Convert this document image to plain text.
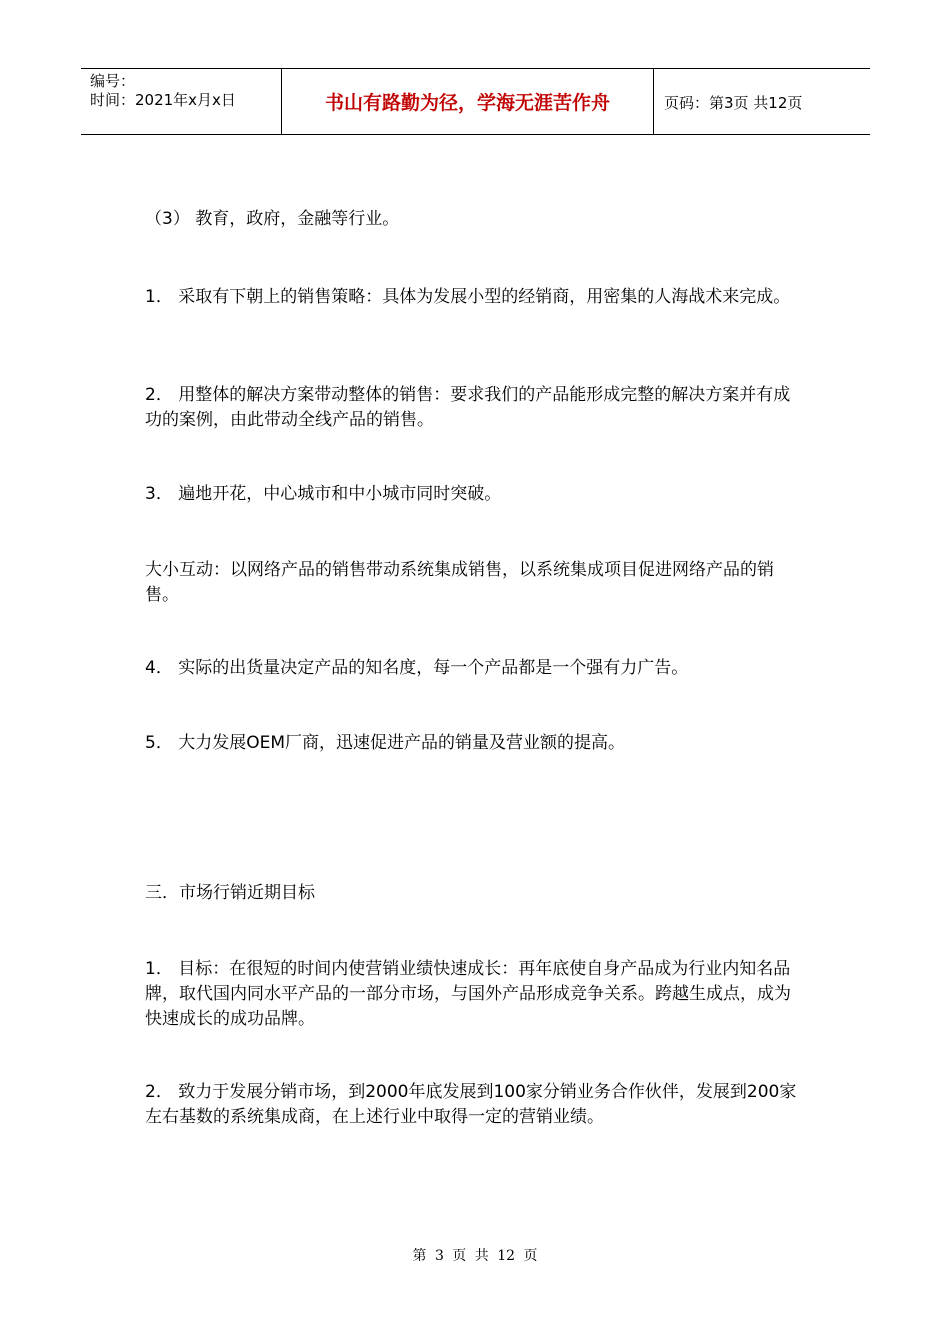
编号：
时间：2021年x月x日	书山有路勤为径，学海无涯苦作舟	页码：第3页 共12页

（3） 教育，政府，金融等行业。

1． 采取有下朝上的销售策略：具体为发展小型的经销商，用密集的人海战术来完成。

2． 用整体的解决方案带动整体的销售：要求我们的产品能形成完整的解决方案并有成功的案例，由此带动全线产品的销售。

3． 遍地开花，中心城市和中小城市同时突破。

大小互动：以网络产品的销售带动系统集成销售，以系统集成项目促进网络产品的销售。

4． 实际的出货量决定产品的知名度，每一个产品都是一个强有力广告。

5． 大力发展OEM厂商，迅速促进产品的销量及营业额的提高。

三．市场行销近期目标

1． 目标：在很短的时间内使营销业绩快速成长：再年底使自身产品成为行业内知名品牌，取代国内同水平产品的一部分市场，与国外产品形成竞争关系。跨越生成点，成为快速成长的成功品牌。

2． 致力于发展分销市场，到2000年底发展到100家分销业务合作伙伴，发展到200家左右基数的系统集成商，在上述行业中取得一定的营销业绩。

第 3 页 共 12 页
